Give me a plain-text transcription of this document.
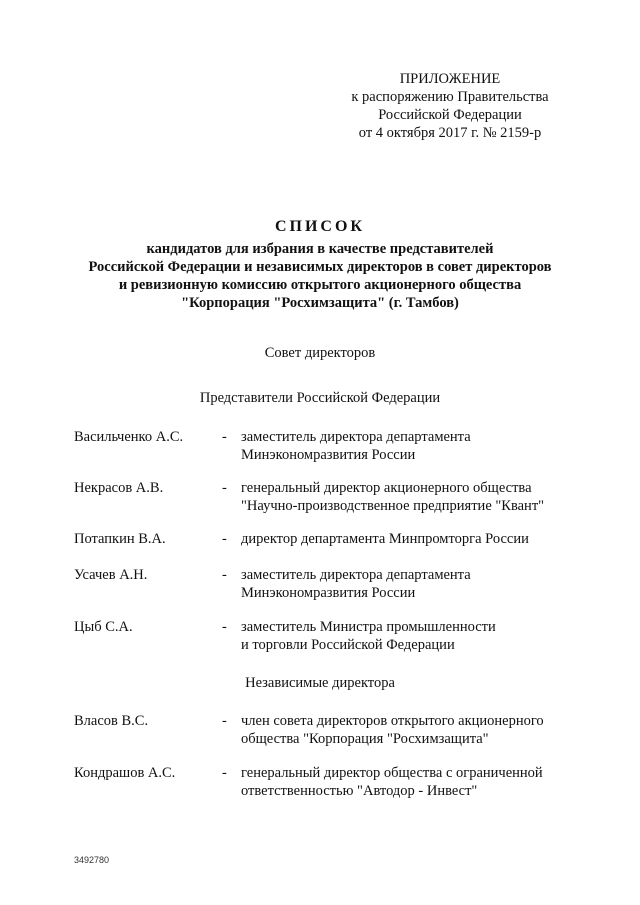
ПРИЛОЖЕНИЕ
к распоряжению Правительства
Российской Федерации
от 4 октября 2017 г. № 2159-р
СПИСОК
кандидатов для избрания в качестве представителей
Российской Федерации и независимых директоров в совет директоров
и ревизионную комиссию открытого акционерного общества
"Корпорация "Росхимзащита" (г. Тамбов)
Совет директоров
Представители Российской Федерации
Васильченко А.С.	- заместитель директора департамента
Минэкономразвития России
Некрасов А.В.	- генеральный директор акционерного общества
"Научно-производственное предприятие "Квант"
Потапкин В.А.	- директор департамента Минпромторга России
Усачев А.Н.	- заместитель директора департамента
Минэкономразвития России
Цыб С.А.	- заместитель Министра промышленности
и торговли Российской Федерации
Независимые директора
Власов В.С.	- член совета директоров открытого акционерного
общества "Корпорация "Росхимзащита"
Кондрашов А.С.	- генеральный директор общества с ограниченной
ответственностью "Автодор - Инвест"
3492780
